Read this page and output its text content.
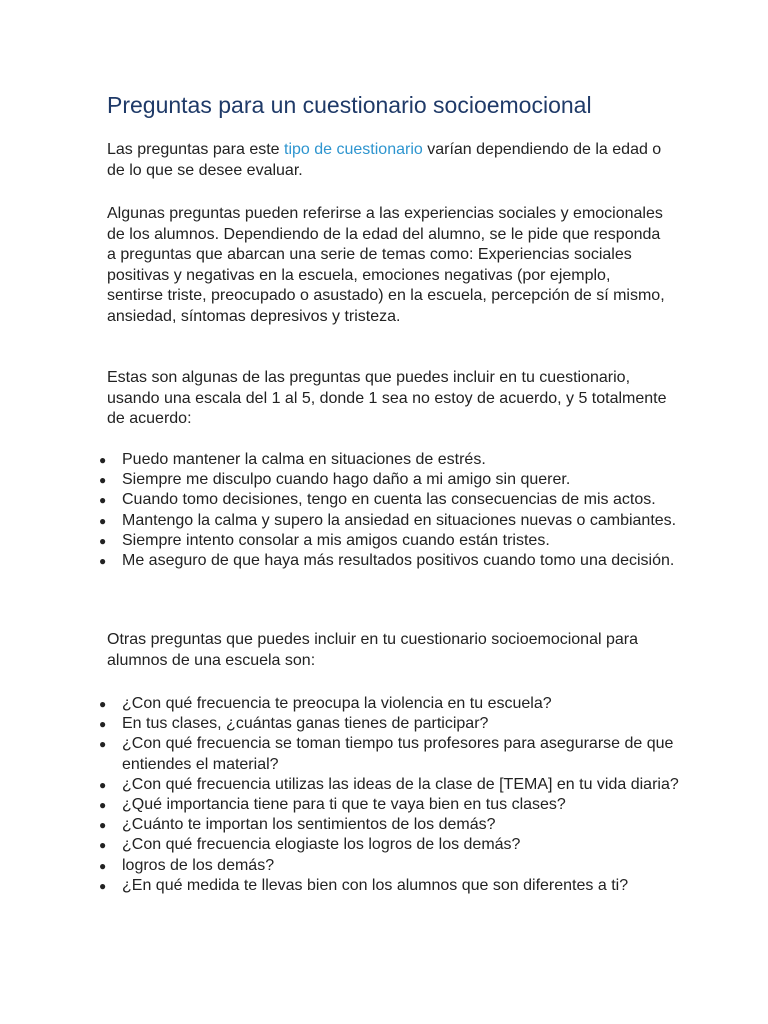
Preguntas para un cuestionario socioemocional

Las preguntas para este tipo de cuestionario varían dependiendo de la edad o de lo que se desee evaluar.

Algunas preguntas pueden referirse a las experiencias sociales y emocionales de los alumnos. Dependiendo de la edad del alumno, se le pide que responda a preguntas que abarcan una serie de temas como: Experiencias sociales positivas y negativas en la escuela, emociones negativas (por ejemplo, sentirse triste, preocupado o asustado) en la escuela, percepción de sí mismo, ansiedad, síntomas depresivos y tristeza.

Estas son algunas de las preguntas que puedes incluir en tu cuestionario, usando una escala del 1 al 5, donde 1 sea no estoy de acuerdo, y 5 totalmente de acuerdo:

● Puedo mantener la calma en situaciones de estrés.
● Siempre me disculpo cuando hago daño a mi amigo sin querer.
● Cuando tomo decisiones, tengo en cuenta las consecuencias de mis actos.
● Mantengo la calma y supero la ansiedad en situaciones nuevas o cambiantes.
● Siempre intento consolar a mis amigos cuando están tristes.
● Me aseguro de que haya más resultados positivos cuando tomo una decisión.

Otras preguntas que puedes incluir en tu cuestionario socioemocional para alumnos de una escuela son:

● ¿Con qué frecuencia te preocupa la violencia en tu escuela?
● En tus clases, ¿cuántas ganas tienes de participar?
● ¿Con qué frecuencia se toman tiempo tus profesores para asegurarse de que entiendes el material?
● ¿Con qué frecuencia utilizas las ideas de la clase de [TEMA] en tu vida diaria?
● ¿Qué importancia tiene para ti que te vaya bien en tus clases?
● ¿Cuánto te importan los sentimientos de los demás?
● ¿Con qué frecuencia elogiaste los logros de los demás?
● logros de los demás?
● ¿En qué medida te llevas bien con los alumnos que son diferentes a ti?
